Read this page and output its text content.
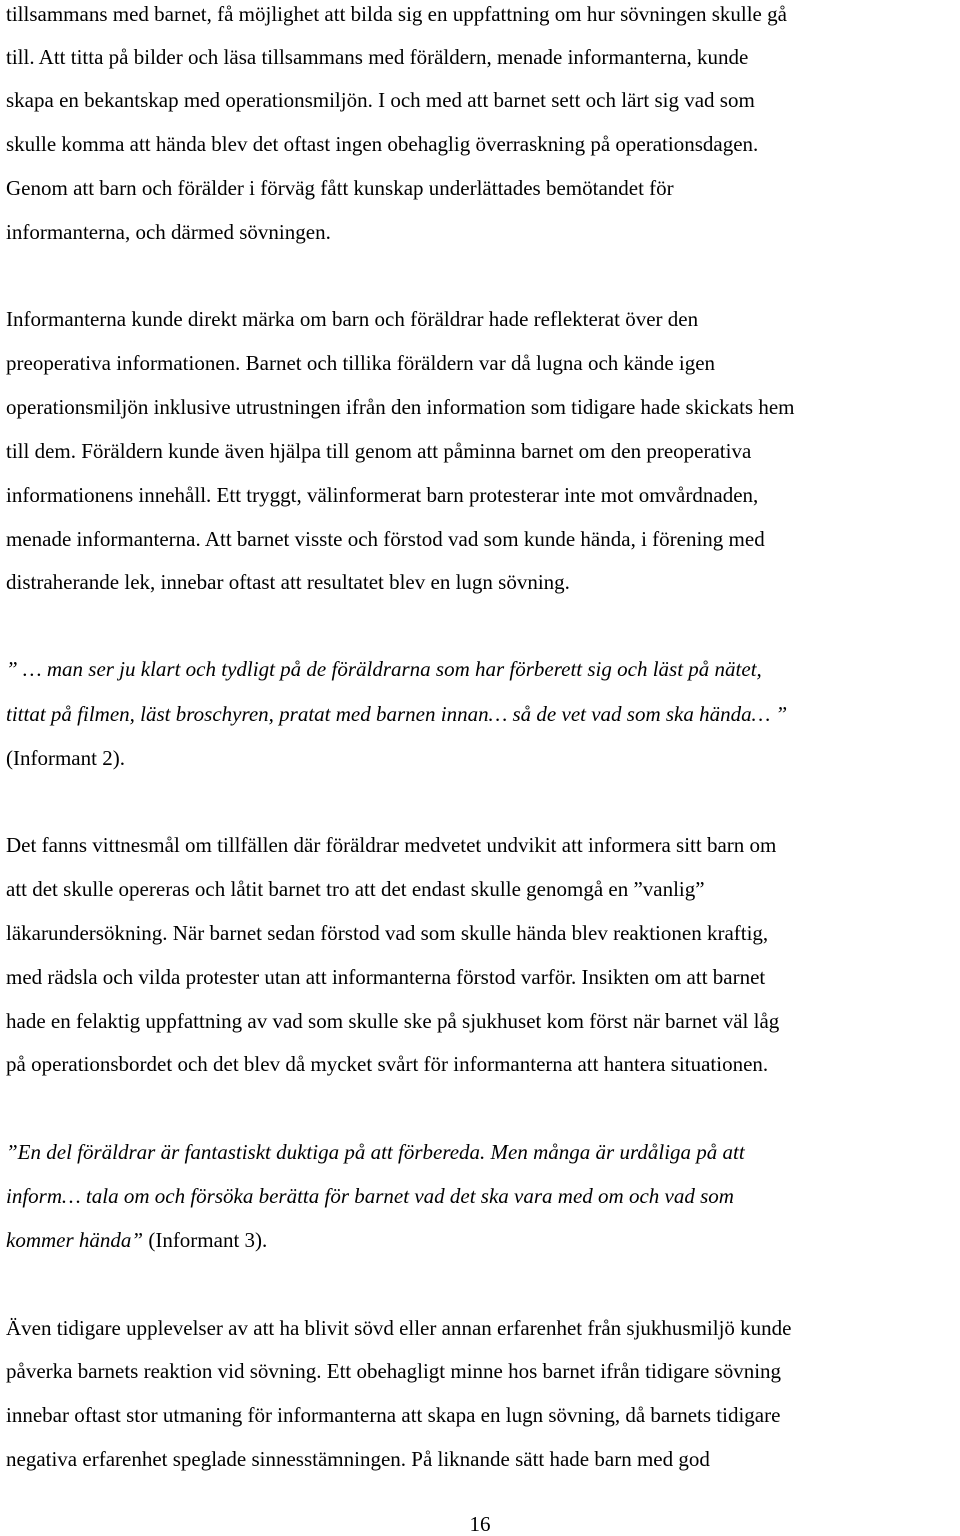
tillsammans med barnet, få möjlighet att bilda sig en uppfattning om hur sövningen skulle gå

till. Att titta på bilder och läsa tillsammans med föräldern, menade informanterna, kunde

skapa en bekantskap med operationsmiljön. I och med att barnet sett och lärt sig vad som

skulle komma att hända blev det oftast ingen obehaglig överraskning på operationsdagen.

Genom att barn och förälder i förväg fått kunskap underlättades bemötandet för

informanterna, och därmed sövningen.

Informanterna kunde direkt märka om barn och föräldrar hade reflekterat över den

preoperativa informationen. Barnet och tillika föräldern var då lugna och kände igen

operationsmiljön inklusive utrustningen ifrån den information som tidigare hade skickats hem

till dem. Föräldern kunde även hjälpa till genom att påminna barnet om den preoperativa

informationens innehåll. Ett tryggt, välinformerat barn protesterar inte mot omvårdnaden,

menade informanterna. Att barnet visste och förstod vad som kunde hända, i förening med

distraherande lek, innebar oftast att resultatet blev en lugn sövning.

” … man ser ju klart och tydligt på de föräldrarna som har förberett sig och läst på nätet,

tittat på filmen, läst broschyren, pratat med barnen innan… så de vet vad som ska hända… ”

(Informant 2).

Det fanns vittnesmål om tillfällen där föräldrar medvetet undvikit att informera sitt barn om

att det skulle opereras och låtit barnet tro att det endast skulle genomgå en ”vanlig”

läkarundersökning. När barnet sedan förstod vad som skulle hända blev reaktionen kraftig,

med rädsla och vilda protester utan att informanterna förstod varför. Insikten om att barnet

hade en felaktig uppfattning av vad som skulle ske på sjukhuset kom först när barnet väl låg

på operationsbordet och det blev då mycket svårt för informanterna att hantera situationen.

”En del föräldrar är fantastiskt duktiga på att förbereda. Men många är urdåliga på att

inform… tala om och försöka berätta för barnet vad det ska vara med om och vad som

kommer hända” (Informant 3).

Även tidigare upplevelser av att ha blivit sövd eller annan erfarenhet från sjukhusmiljö kunde

påverka barnets reaktion vid sövning. Ett obehagligt minne hos barnet ifrån tidigare sövning

innebar oftast stor utmaning för informanterna att skapa en lugn sövning, då barnets tidigare

negativa erfarenhet speglade sinnesstämningen. På liknande sätt hade barn med god

16
